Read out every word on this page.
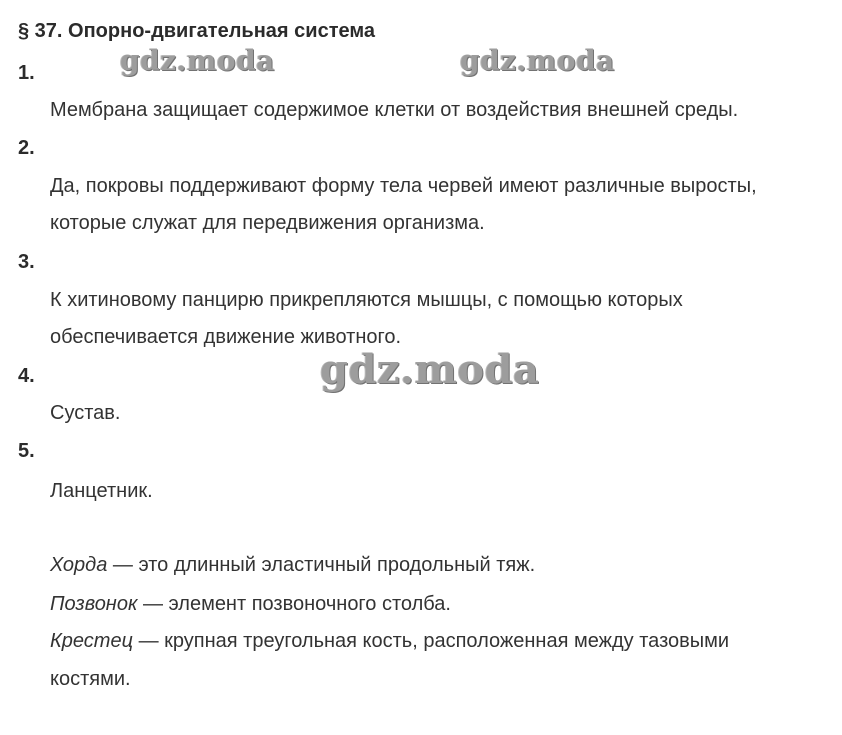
§ 37. Опорно-двигательная система
gdz.moda	gdz.moda
gdz.moda
1.
Мембрана защищает содержимое клетки от воздействия внешней среды.
2.
Да, покровы поддерживают форму тела червей имеют различные выросты,
которые служат для передвижения организма.
3.
К хитиновому панцирю прикрепляются мышцы, с помощью которых
обеспечивается движение животного.
4.
Сустав.
5.
Ланцетник.
Хорда — это длинный эластичный продольный тяж.
Позвонок — элемент позвоночного столба.
Крестец — крупная треугольная кость, расположенная между тазовыми
костями.
